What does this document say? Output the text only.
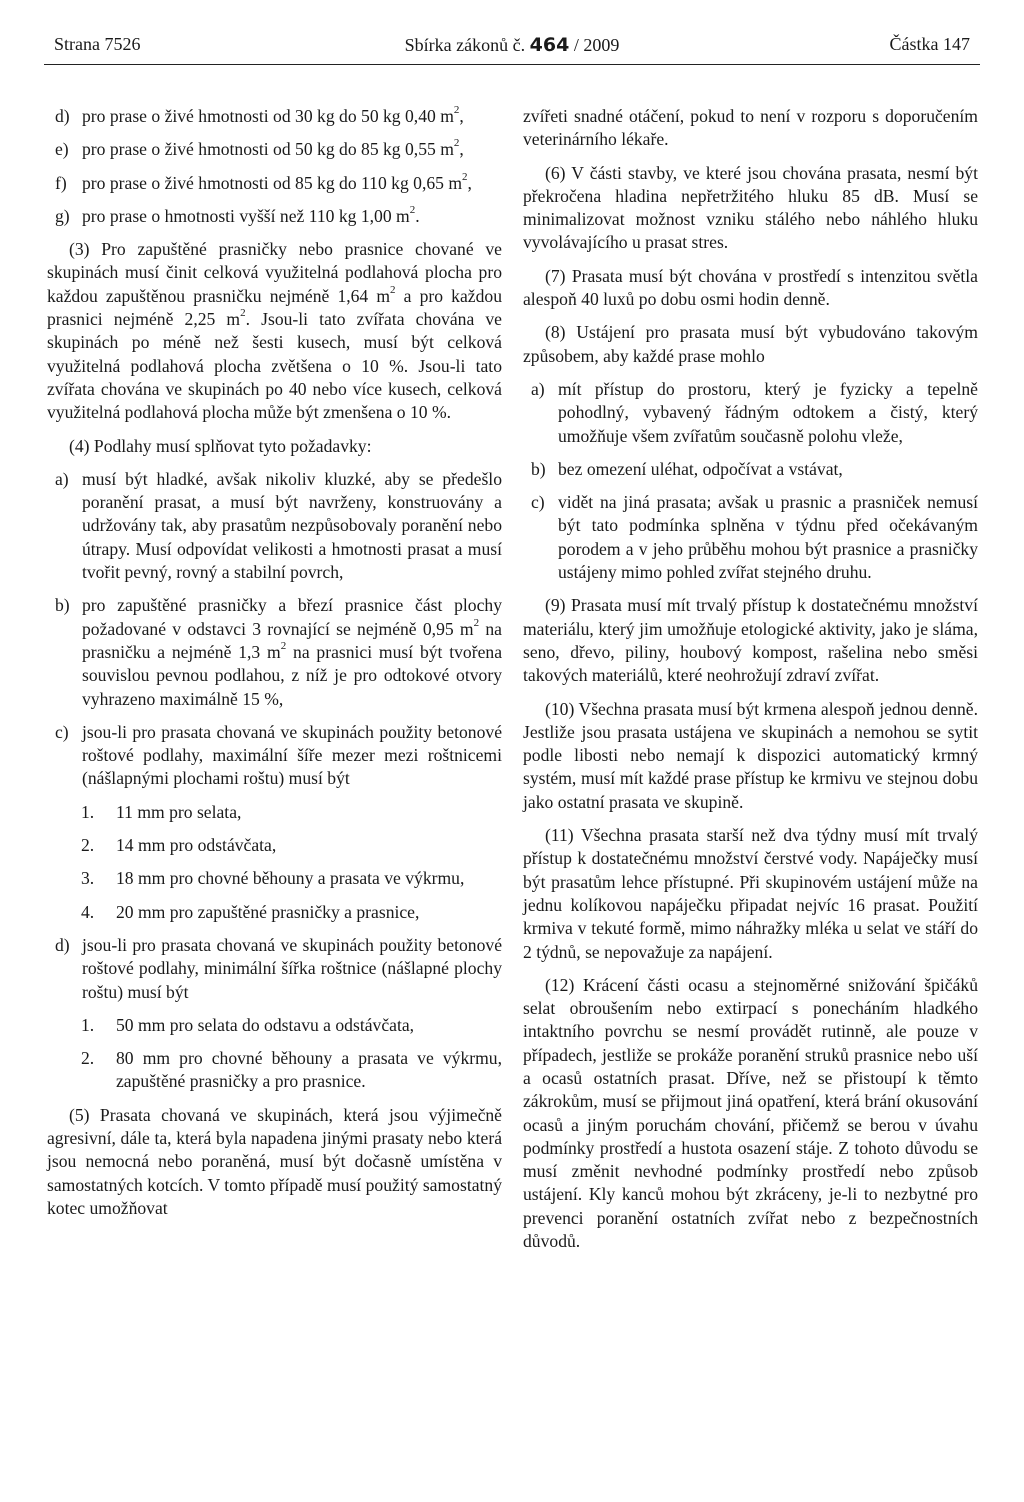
Strana 7526	Sbírka zákonů č. 464 / 2009	Částka 147

d) pro prase o živé hmotnosti od 30 kg do 50 kg 0,40 $m^2$,

e) pro prase o živé hmotnosti od 50 kg do 85 kg 0,55 $m^2$,

f) pro prase o živé hmotnosti od 85 kg do 110 kg 0,65 $m^2$,

g) pro prase o hmotnosti vyšší než 110 kg 1,00 $m^2$.

(3) Pro zapuštěné prasničky nebo prasnice chované ve skupinách musí činit celková využitelná podlahová plocha pro každou zapuštěnou prasničku nejméně 1,64 $m^2$ a pro každou prasnici nejméně 2,25 $m^2$. Jsou-li tato zvířata chována ve skupinách po méně než šesti kusech, musí být celková využitelná podlahová plocha zvětšena o 10 %. Jsou-li tato zvířata chována ve skupinách po 40 nebo více kusech, celková využitelná podlahová plocha může být zmenšena o 10 %.

(4) Podlahy musí splňovat tyto požadavky:

a) musí být hladké, avšak nikoliv kluzké, aby se předešlo poranění prasat, a musí být navrženy, konstruovány a udržovány tak, aby prasatům nezpůsobovaly poranění nebo útrapy. Musí odpovídat velikosti a hmotnosti prasat a musí tvořit pevný, rovný a stabilní povrch,

b) pro zapuštěné prasničky a březí prasnice část plochy požadované v odstavci 3 rovnající se nejméně 0,95 $m^2$ na prasničku a nejméně 1,3 $m^2$ na prasnici musí být tvořena souvislou pevnou podlahou, z níž je pro odtokové otvory vyhrazeno maximálně 15 %,

c) jsou-li pro prasata chovaná ve skupinách použity betonové roštové podlahy, maximální šíře mezer mezi roštnicemi (nášlapnými plochami roštu) musí být

1. 11 mm pro selata,

2. 14 mm pro odstávčata,

3. 18 mm pro chovné běhouny a prasata ve výkrmu,

4. 20 mm pro zapuštěné prasničky a prasnice,

d) jsou-li pro prasata chovaná ve skupinách použity betonové roštové podlahy, minimální šířka roštnice (nášlapné plochy roštu) musí být

1. 50 mm pro selata do odstavu a odstávčata,

2. 80 mm pro chovné běhouny a prasata ve výkrmu, zapuštěné prasničky a pro prasnice.

(5) Prasata chovaná ve skupinách, která jsou výjimečně agresivní, dále ta, která byla napadena jinými prasaty nebo která jsou nemocná nebo poraněná, musí být dočasně umístěna v samostatných kotcích. V tomto případě musí použitý samostatný kotec umožňovat

zvířeti snadné otáčení, pokud to není v rozporu s doporučením veterinárního lékaře.

(6) V části stavby, ve které jsou chována prasata, nesmí být překročena hladina nepřetržitého hluku 85 dB. Musí se minimalizovat možnost vzniku stálého nebo náhlého hluku vyvolávajícího u prasat stres.

(7) Prasata musí být chována v prostředí s intenzitou světla alespoň 40 luxů po dobu osmi hodin denně.

(8) Ustájení pro prasata musí být vybudováno takovým způsobem, aby každé prase mohlo

a) mít přístup do prostoru, který je fyzicky a tepelně pohodlný, vybavený řádným odtokem a čistý, který umožňuje všem zvířatům současně polohu vleže,

b) bez omezení uléhat, odpočívat a vstávat,

c) vidět na jiná prasata; avšak u prasnic a prasniček nemusí být tato podmínka splněna v týdnu před očekávaným porodem a v jeho průběhu mohou být prasnice a prasničky ustájeny mimo pohled zvířat stejného druhu.

(9) Prasata musí mít trvalý přístup k dostatečnému množství materiálu, který jim umožňuje etologické aktivity, jako je sláma, seno, dřevo, piliny, houbový kompost, rašelina nebo směsi takových materiálů, které neohrožují zdraví zvířat.

(10) Všechna prasata musí být krmena alespoň jednou denně. Jestliže jsou prasata ustájena ve skupinách a nemohou se sytit podle libosti nebo nemají k dispozici automatický krmný systém, musí mít každé prase přístup ke krmivu ve stejnou dobu jako ostatní prasata ve skupině.

(11) Všechna prasata starší než dva týdny musí mít trvalý přístup k dostatečnému množství čerstvé vody. Napáječky musí být prasatům lehce přístupné. Při skupinovém ustájení může na jednu kolíkovou napáječku připadat nejvíc 16 prasat. Použití krmiva v tekuté formě, mimo náhražky mléka u selat ve stáří do 2 týdnů, se nepovažuje za napájení.

(12) Krácení části ocasu a stejnoměrné snižování špičáků selat obroušením nebo extirpací s ponecháním hladkého intaktního povrchu se nesmí provádět rutinně, ale pouze v případech, jestliže se prokáže poranění struků prasnice nebo uší a ocasů ostatních prasat. Dříve, než se přistoupí k těmto zákrokům, musí se přijmout jiná opatření, která brání okusování ocasů a jiným poruchám chování, přičemž se berou v úvahu podmínky prostředí a hustota osazení stáje. Z tohoto důvodu se musí změnit nevhodné podmínky prostředí nebo způsob ustájení. Kly kanců mohou být zkráceny, je-li to nezbytné pro prevenci poranění ostatních zvířat nebo z bezpečnostních důvodů.
